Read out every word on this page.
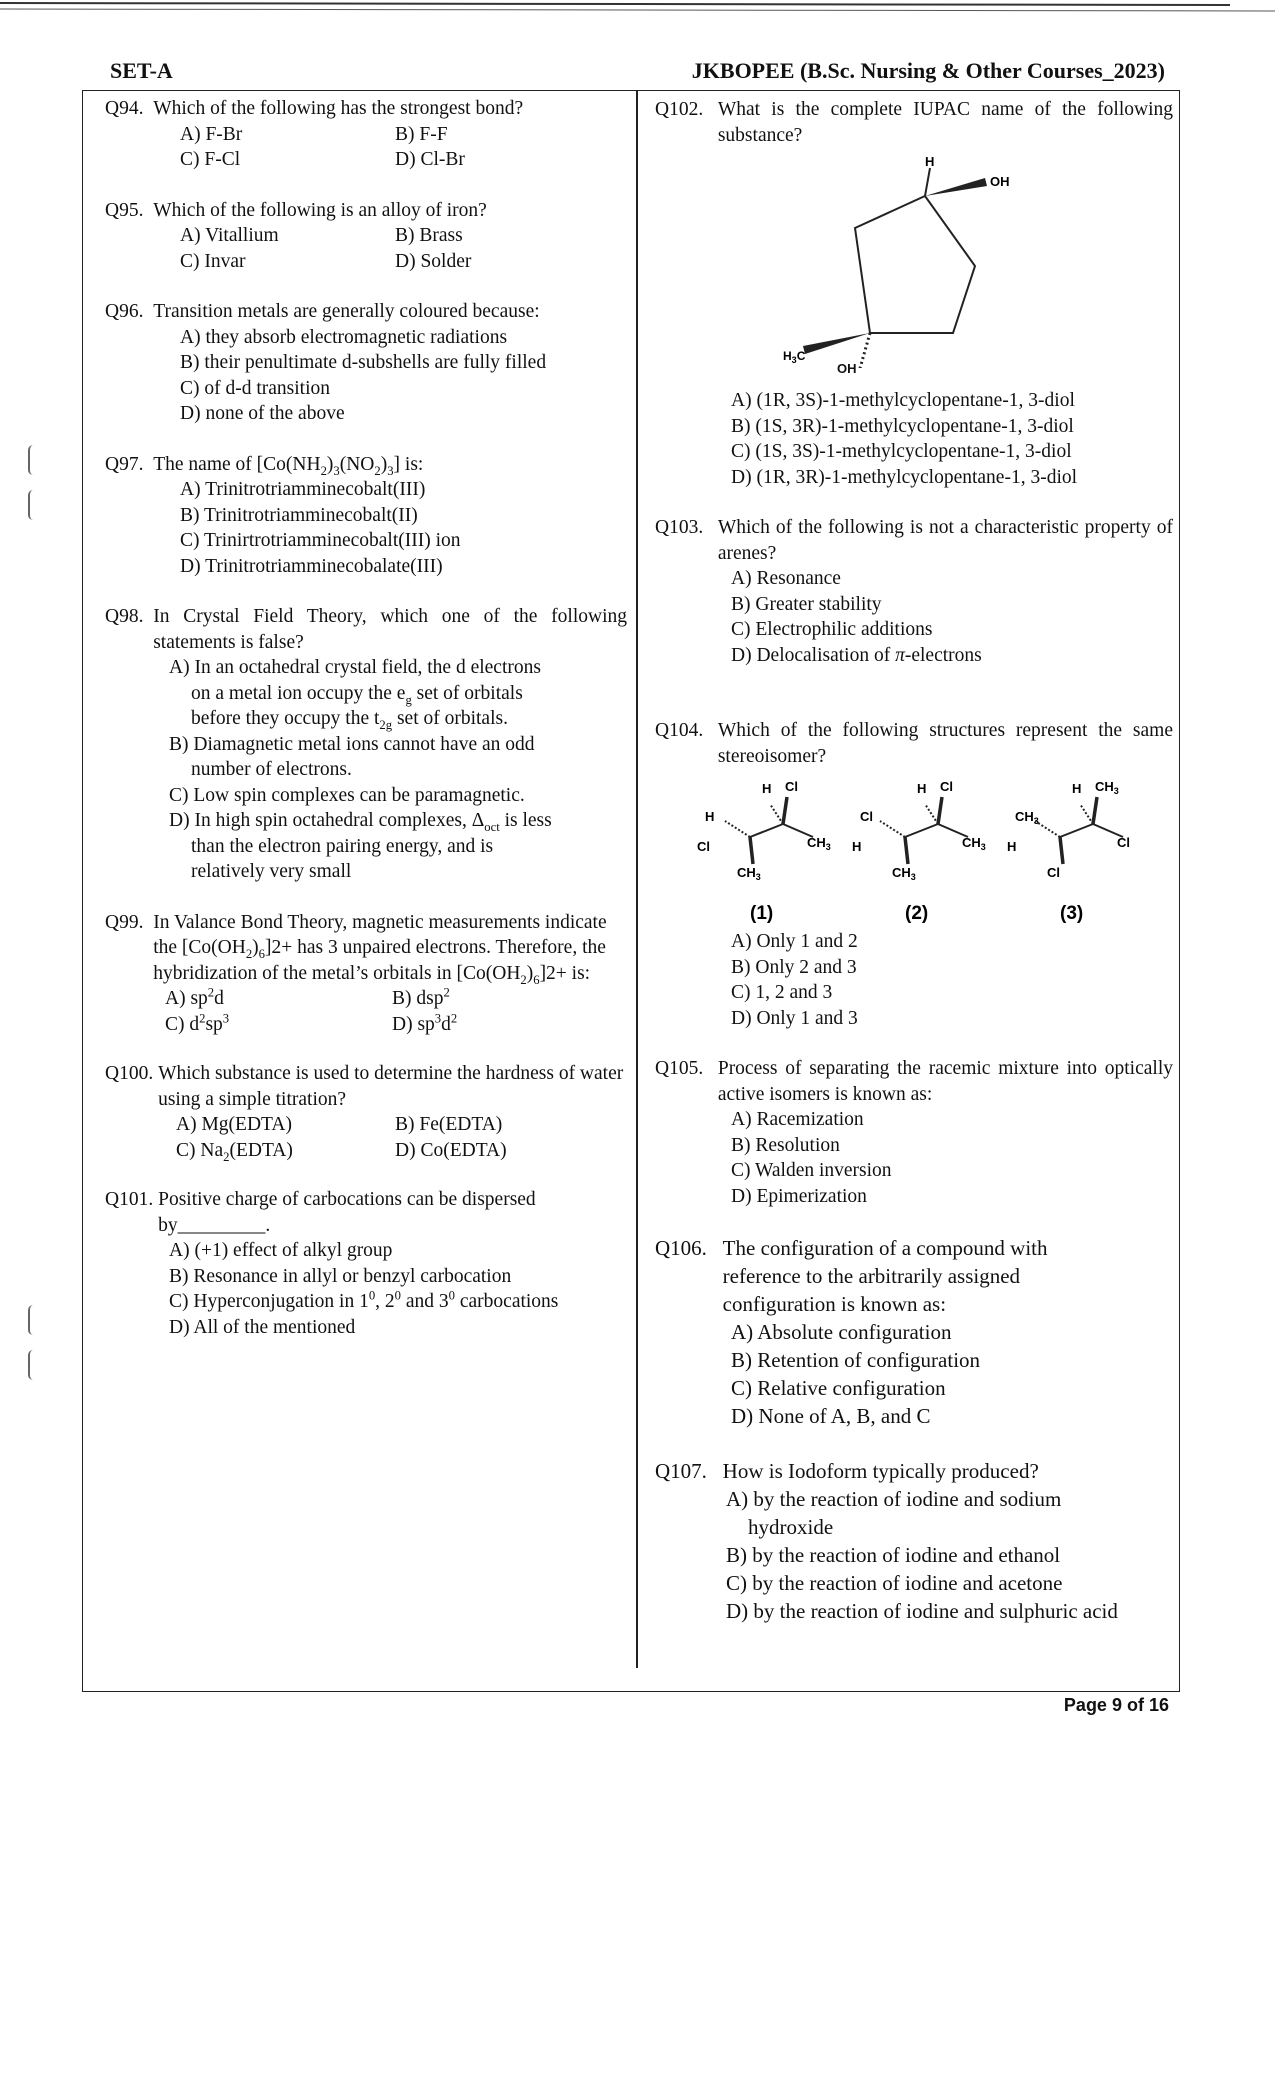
SET-A	JKBOPEE (B.Sc. Nursing & Other Courses_2023)
Q94.
Which of the following has the strongest bond?
A) F-Br	B) F-F
C) F-Cl	D) Cl-Br
Q95.
Which of the following is an alloy of iron?
A) Vitallium	B) Brass
C) Invar	D) Solder
Q96.
Transition metals are generally coloured because:
A) they absorb electromagnetic radiations
B) their penultimate d-subshells are fully filled
C) of d-d transition
D) none of the above
Q97.
The name of $[Co(NH_2)_3(NO_2)_3]$ is:
A) Trinitrotriamminecobalt(III)
B) Trinitrotriamminecobalt(II)
C) Trinirtrotriamminecobalt(III) ion
D) Trinitrotriamminecobalate(III)
Q98.
In Crystal Field Theory, which one of the following statements is false?
A) In an octahedral crystal field, the d electrons on a metal ion occupy the $e_g$ set of orbitals before they occupy the $t_{2g}$ set of orbitals.
B) Diamagnetic metal ions cannot have an odd number of electrons.
C) Low spin complexes can be paramagnetic.
D) In high spin octahedral complexes, $\Delta_{oct}$ is less than the electron pairing energy, and is relatively very small
Q99.
In Valance Bond Theory, magnetic measurements indicate the $[Co(OH_2)_6]2+$ has 3 unpaired electrons. Therefore, the hybridization of the metal’s orbitals in $[Co(OH_2)_6]2+$ is:
A) $sp^2d$	B) dsp$^2$
C) $d^2sp^3$	D) $sp^3d^2$
Q100.
Which substance is used to determine the hardness of water using a simple titration?
A) Mg(EDTA)	B) Fe(EDTA)
C) $Na_2(EDTA)$	D) Co(EDTA)
Q101.
Positive charge of carbocations can be dispersed by_________.
A) (+1) effect of alkyl group
B) Resonance in allyl or benzyl carbocation
C) Hyperconjugation in $1^0$, $2^0$ and $3^0$ carbocations
D) All of the mentioned
Q102.
What is the complete IUPAC name of the following substance?
H
OH
$H_3C$
OH
A) (1R, 3S)-1-methylcyclopentane-1, 3-diol
B) (1S, 3R)-1-methylcyclopentane-1, 3-diol
C) (1S, 3S)-1-methylcyclopentane-1, 3-diol
D) (1R, 3R)-1-methylcyclopentane-1, 3-diol
Q103.
Which of the following is not a characteristic property of arenes?
A) Resonance
B) Greater stability
C) Electrophilic additions
D) Delocalisation of π-electrons
Q104.
Which of the following structures represent the same stereoisomer?
H Cl
H
Cl	$CH_3$
$CH_3$
(1)
H Cl
Cl
H	$CH_3$
$CH_3$
(2)
H $CH_3$
$CH_3$
H	Cl
Cl
(3)
A) Only 1 and 2
B) Only 2 and 3
C) 1, 2 and 3
D) Only 1 and 3
Q105.
Process of separating the racemic mixture into optically active isomers is known as:
A) Racemization
B) Resolution
C) Walden inversion
D) Epimerization
Q106.
The configuration of a compound with reference to the arbitrarily assigned configuration is known as:
A) Absolute configuration
B) Retention of configuration
C) Relative configuration
D) None of A, B, and C
Q107.
How is Iodoform typically produced?
A) by the reaction of iodine and sodium hydroxide
B) by the reaction of iodine and ethanol
C) by the reaction of iodine and acetone
D) by the reaction of iodine and sulphuric acid
Page 9 of 16
